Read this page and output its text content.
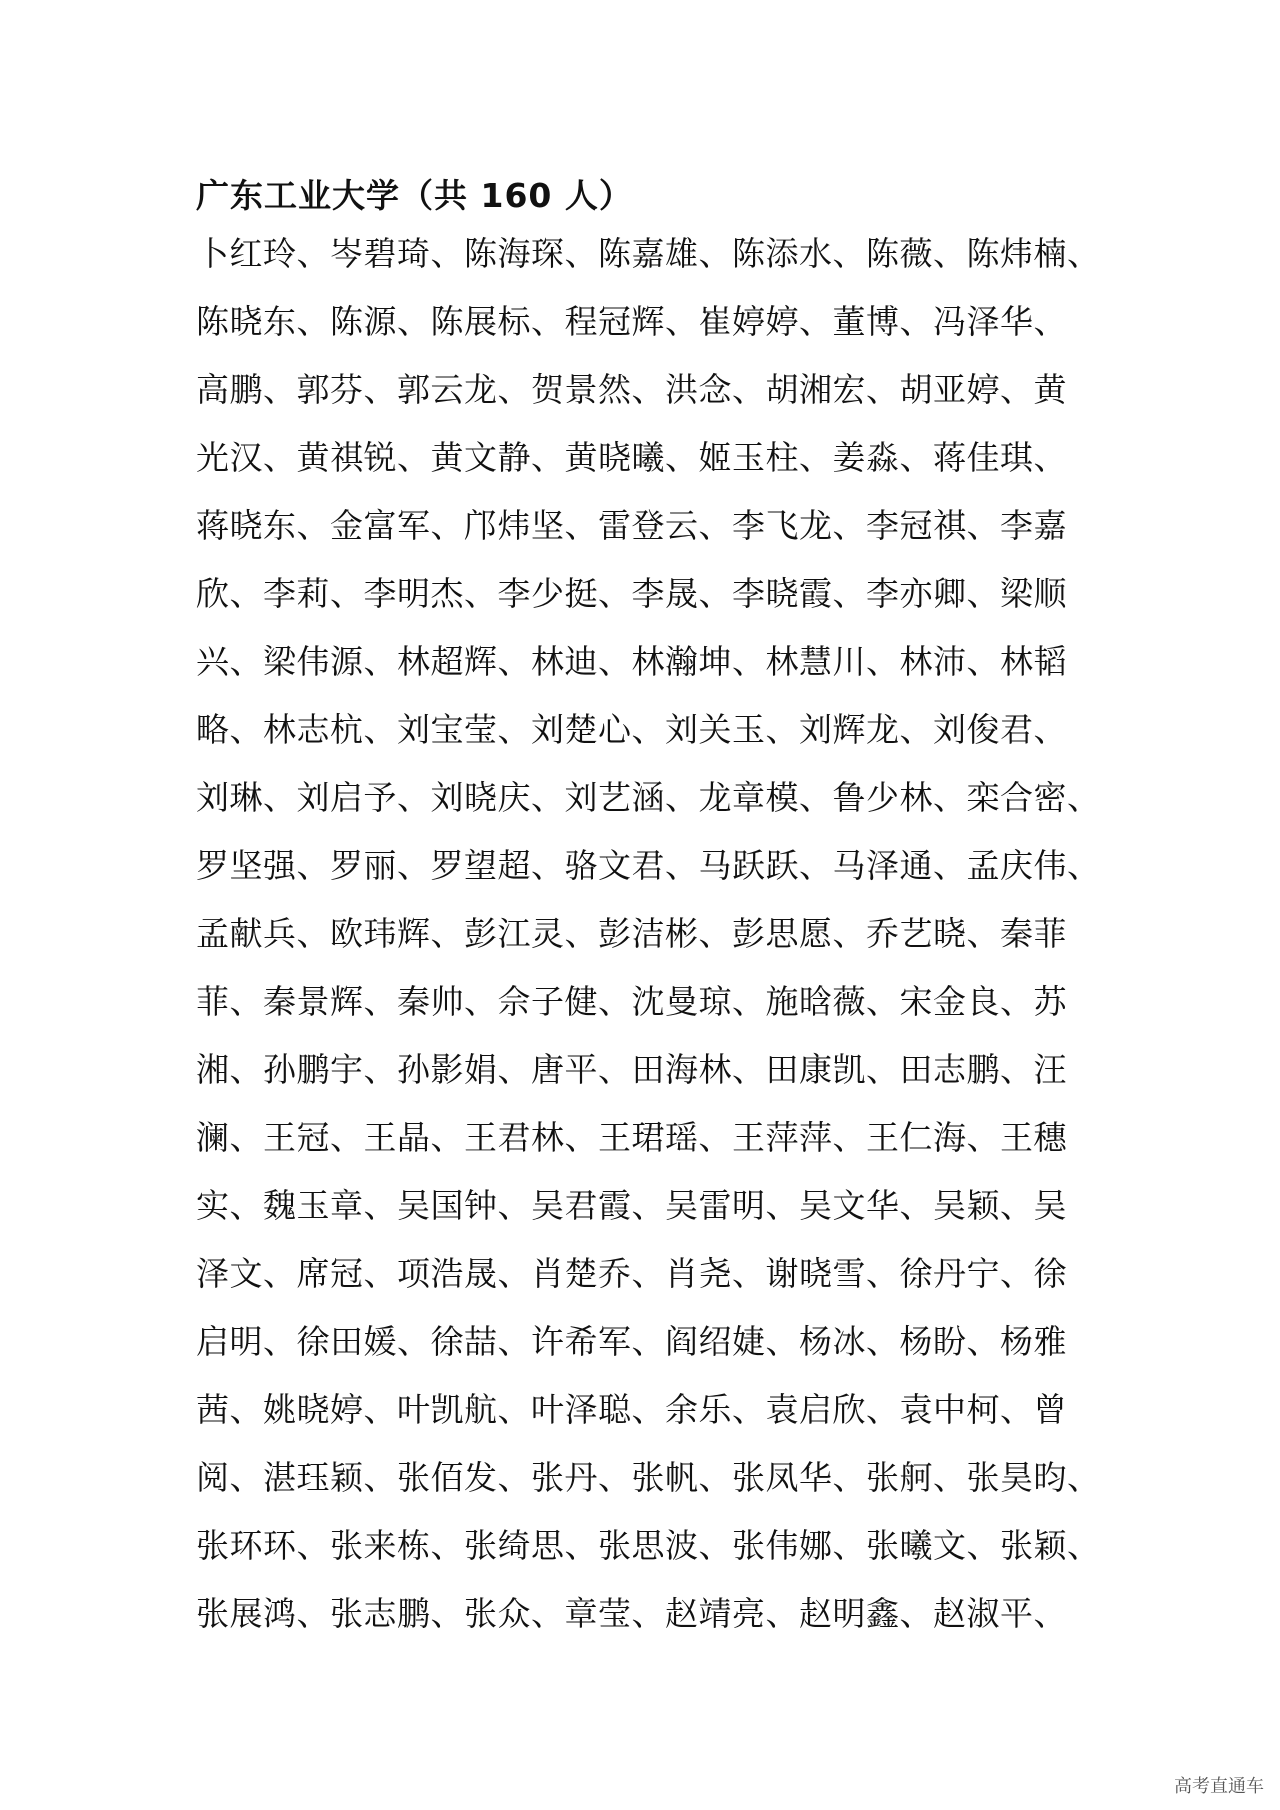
广东工业大学（共 160 人）
卜红玲、岑碧琦、陈海琛、陈嘉雄、陈添水、陈薇、陈炜楠、
陈晓东、陈源、陈展标、程冠辉、崔婷婷、董博、冯泽华、
高鹏、郭芬、郭云龙、贺景然、洪念、胡湘宏、胡亚婷、黄
光汉、黄祺锐、黄文静、黄晓曦、姬玉柱、姜淼、蒋佳琪、
蒋晓东、金富军、邝炜坚、雷登云、李飞龙、李冠祺、李嘉
欣、李莉、李明杰、李少挺、李晟、李晓霞、李亦卿、梁顺
兴、梁伟源、林超辉、林迪、林瀚坤、林慧川、林沛、林韬
略、林志杭、刘宝莹、刘楚心、刘关玉、刘辉龙、刘俊君、
刘琳、刘启予、刘晓庆、刘艺涵、龙章模、鲁少林、栾合密、
罗坚强、罗丽、罗望超、骆文君、马跃跃、马泽通、孟庆伟、
孟献兵、欧玮辉、彭江灵、彭洁彬、彭思愿、乔艺晓、秦菲
菲、秦景辉、秦帅、佘子健、沈曼琼、施晗薇、宋金良、苏
湘、孙鹏宇、孙影娟、唐平、田海林、田康凯、田志鹏、汪
澜、王冠、王晶、王君林、王珺瑶、王萍萍、王仁海、王穗
实、魏玉章、吴国钟、吴君霞、吴雷明、吴文华、吴颖、吴
泽文、席冠、项浩晟、肖楚乔、肖尧、谢晓雪、徐丹宁、徐
启明、徐田媛、徐喆、许希军、阎绍婕、杨冰、杨盼、杨雅
茜、姚晓婷、叶凯航、叶泽聪、余乐、袁启欣、袁中柯、曾
阅、湛珏颖、张佰发、张丹、张帆、张凤华、张舸、张昊昀、
张环环、张来栋、张绮思、张思波、张伟娜、张曦文、张颖、
张展鸿、张志鹏、张众、章莹、赵靖亮、赵明鑫、赵淑平、
高考直通车
